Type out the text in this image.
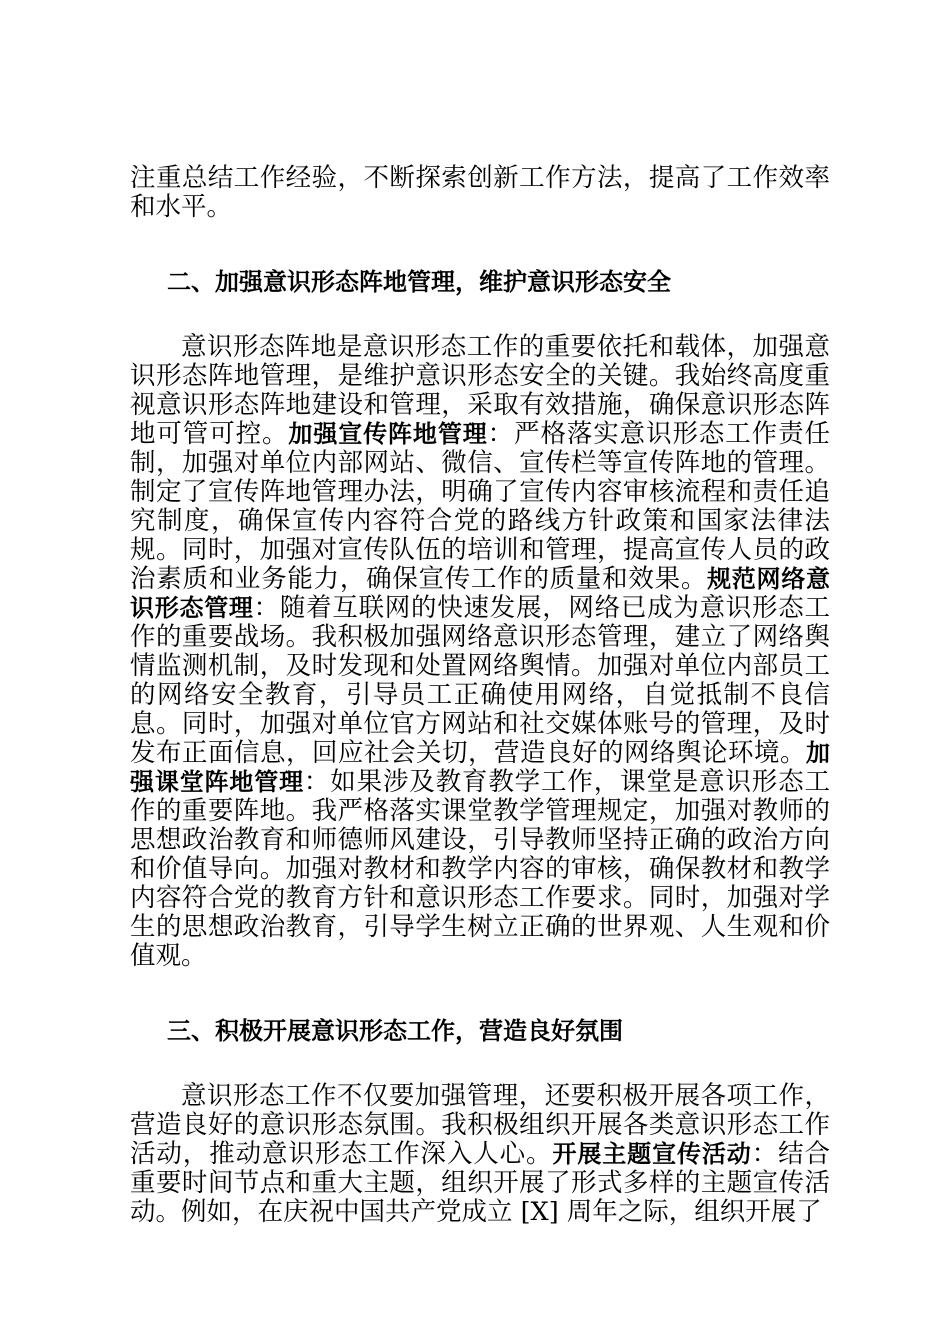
注重总结工作经验，不断探索创新工作方法，提高了工作效率和水平。

二、加强意识形态阵地管理，维护意识形态安全

意识形态阵地是意识形态工作的重要依托和载体，加强意识形态阵地管理，是维护意识形态安全的关键。我始终高度重视意识形态阵地建设和管理，采取有效措施，确保意识形态阵地可管可控。加强宣传阵地管理：严格落实意识形态工作责任制，加强对单位内部网站、微信、宣传栏等宣传阵地的管理。制定了宣传阵地管理办法，明确了宣传内容审核流程和责任追究制度，确保宣传内容符合党的路线方针政策和国家法律法规。同时，加强对宣传队伍的培训和管理，提高宣传人员的政治素质和业务能力，确保宣传工作的质量和效果。规范网络意识形态管理：随着互联网的快速发展，网络已成为意识形态工作的重要战场。我积极加强网络意识形态管理，建立了网络舆情监测机制，及时发现和处置网络舆情。加强对单位内部员工的网络安全教育，引导员工正确使用网络，自觉抵制不良信息。同时，加强对单位官方网站和社交媒体账号的管理，及时发布正面信息，回应社会关切，营造良好的网络舆论环境。加强课堂阵地管理：如果涉及教育教学工作，课堂是意识形态工作的重要阵地。我严格落实课堂教学管理规定，加强对教师的思想政治教育和师德师风建设，引导教师坚持正确的政治方向和价值导向。加强对教材和教学内容的审核，确保教材和教学内容符合党的教育方针和意识形态工作要求。同时，加强对学生的思想政治教育，引导学生树立正确的世界观、人生观和价值观。

三、积极开展意识形态工作，营造良好氛围

意识形态工作不仅要加强管理，还要积极开展各项工作，营造良好的意识形态氛围。我积极组织开展各类意识形态工作活动，推动意识形态工作深入人心。开展主题宣传活动：结合重要时间节点和重大主题，组织开展了形式多样的主题宣传活动。例如，在庆祝中国共产党成立 [X] 周年之际，组织开展了
